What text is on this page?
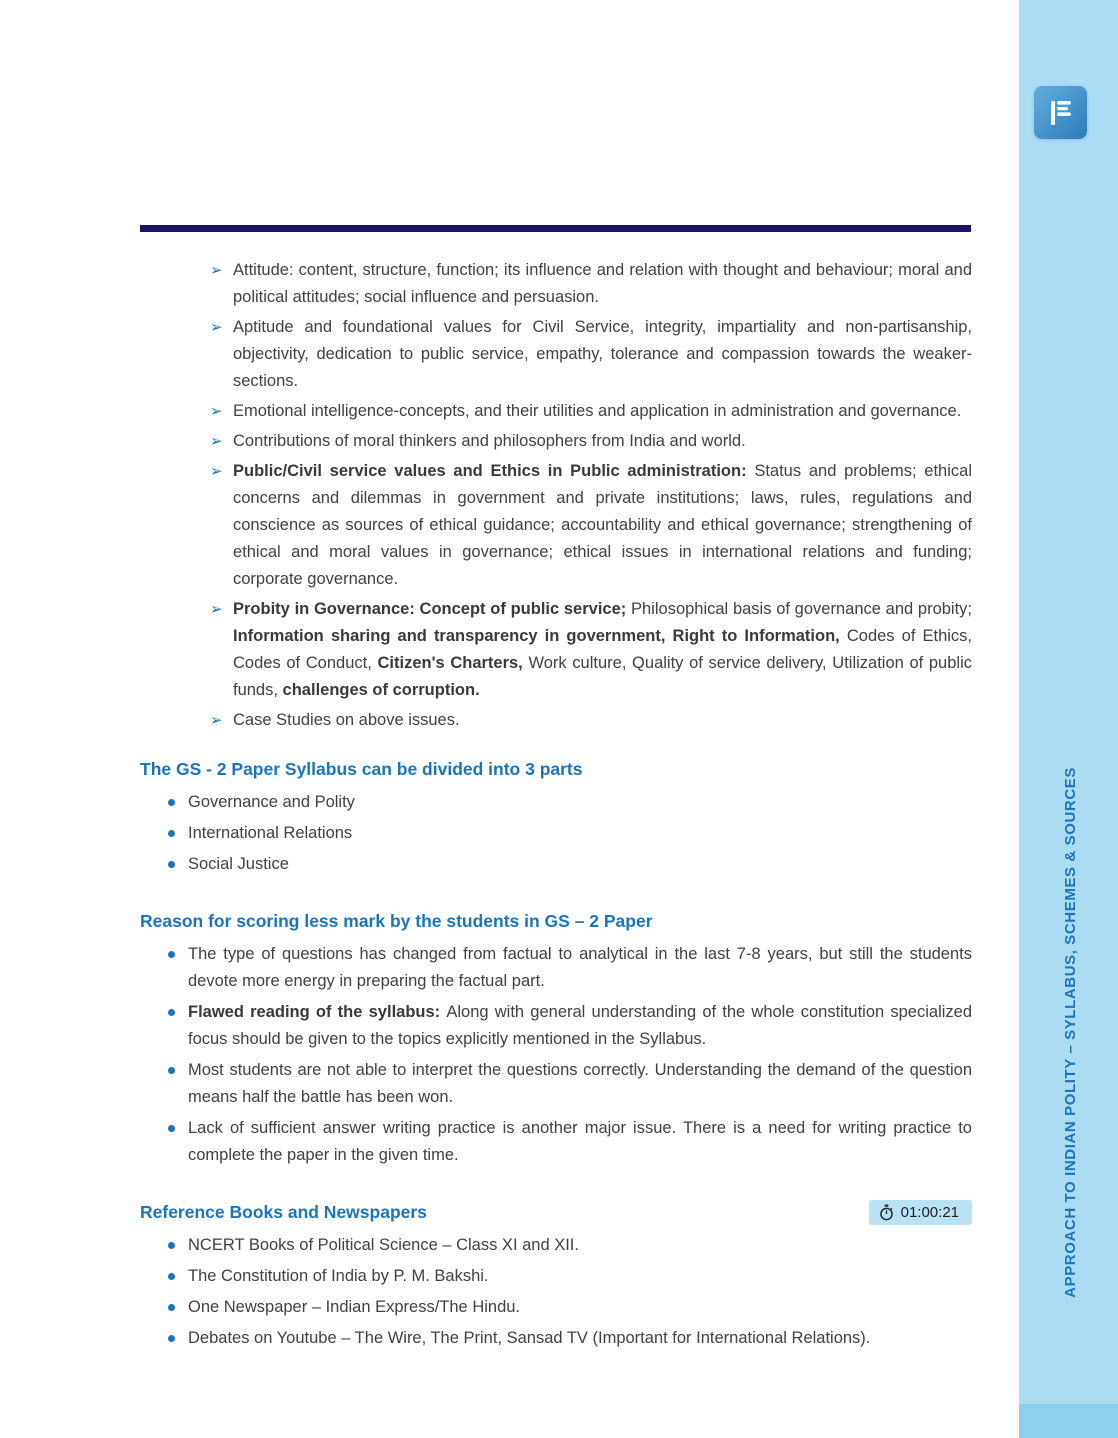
APPROACH TO INDIAN POLITY – SYLLABUS, SCHEMES & SOURCES
➢ Attitude: content, structure, function; its influence and relation with thought and behaviour; moral and political attitudes; social influence and persuasion.
➢ Aptitude and foundational values for Civil Service, integrity, impartiality and non-partisanship, objectivity, dedication to public service, empathy, tolerance and compassion towards the weaker-sections.
➢ Emotional intelligence-concepts, and their utilities and application in administration and governance.
➢ Contributions of moral thinkers and philosophers from India and world.
➢ Public/Civil service values and Ethics in Public administration: Status and problems; ethical concerns and dilemmas in government and private institutions; laws, rules, regulations and conscience as sources of ethical guidance; accountability and ethical governance; strengthening of ethical and moral values in governance; ethical issues in international relations and funding; corporate governance.
➢ Probity in Governance: Concept of public service; Philosophical basis of governance and probity; Information sharing and transparency in government, Right to Information, Codes of Ethics, Codes of Conduct, Citizen's Charters, Work culture, Quality of service delivery, Utilization of public funds, challenges of corruption.
➢ Case Studies on above issues.
The GS - 2 Paper Syllabus can be divided into 3 parts
Governance and Polity
International Relations
Social Justice
Reason for scoring less mark by the students in GS – 2 Paper
The type of questions has changed from factual to analytical in the last 7-8 years, but still the students devote more energy in preparing the factual part.
Flawed reading of the syllabus: Along with general understanding of the whole constitution specialized focus should be given to the topics explicitly mentioned in the Syllabus.
Most students are not able to interpret the questions correctly. Understanding the demand of the question means half the battle has been won.
Lack of sufficient answer writing practice is another major issue. There is a need for writing practice to complete the paper in the given time.
Reference Books and Newspapers	01:00:21
NCERT Books of Political Science – Class XI and XII.
The Constitution of India by P. M. Bakshi.
One Newspaper – Indian Express/The Hindu.
Debates on Youtube – The Wire, The Print, Sansad TV (Important for International Relations).
